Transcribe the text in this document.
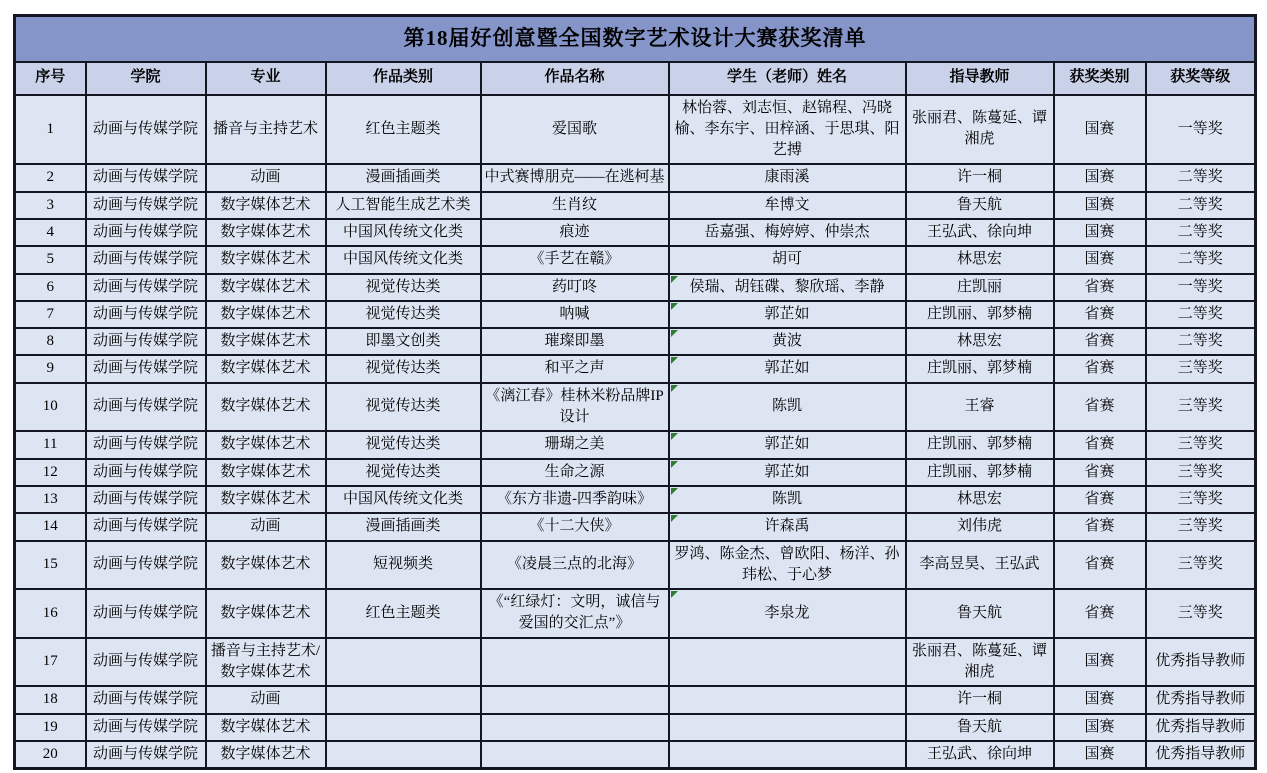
第18届好创意暨全国数字艺术设计大赛获奖清单								
序号	学院	专业	作品类别	作品名称	学生（老师）姓名	指导教师	获奖类别	获奖等级
1	动画与传媒学院	播音与主持艺术	红色主题类	爱国歌	林怡蓉、刘志恒、赵锦程、冯晓榆、李东宇、田梓涵、于思琪、阳艺搏	张丽君、陈蔓延、谭湘虎	国赛	一等奖
2	动画与传媒学院	动画	漫画插画类	中式赛博朋克——在逃柯基	康雨溪	许一桐	国赛	二等奖
3	动画与传媒学院	数字媒体艺术	人工智能生成艺术类	生肖纹	牟博文	鲁天航	国赛	二等奖
4	动画与传媒学院	数字媒体艺术	中国风传统文化类	痕迹	岳嘉强、梅婷婷、仲崇杰	王弘武、徐向坤	国赛	二等奖
5	动画与传媒学院	数字媒体艺术	中国风传统文化类	《手艺在赣》	胡可	林思宏	国赛	二等奖
6	动画与传媒学院	数字媒体艺术	视觉传达类	药叮咚	侯瑞、胡钰碟、黎欣瑶、李静	庄凯丽	省赛	一等奖
7	动画与传媒学院	数字媒体艺术	视觉传达类	呐喊	郭芷如	庄凯丽、郭梦楠	省赛	二等奖
8	动画与传媒学院	数字媒体艺术	即墨文创类	璀璨即墨	黄波	林思宏	省赛	二等奖
9	动画与传媒学院	数字媒体艺术	视觉传达类	和平之声	郭芷如	庄凯丽、郭梦楠	省赛	三等奖
10	动画与传媒学院	数字媒体艺术	视觉传达类	《漓江春》桂林米粉品牌IP设计	陈凯	王睿	省赛	三等奖
11	动画与传媒学院	数字媒体艺术	视觉传达类	珊瑚之美	郭芷如	庄凯丽、郭梦楠	省赛	三等奖
12	动画与传媒学院	数字媒体艺术	视觉传达类	生命之源	郭芷如	庄凯丽、郭梦楠	省赛	三等奖
13	动画与传媒学院	数字媒体艺术	中国风传统文化类	《东方非遗-四季韵味》	陈凯	林思宏	省赛	三等奖
14	动画与传媒学院	动画	漫画插画类	《十二大侠》	许森禹	刘伟虎	省赛	三等奖
15	动画与传媒学院	数字媒体艺术	短视频类	《凌晨三点的北海》	罗鸿、陈金杰、曾欧阳、杨洋、孙玮松、于心梦	李高昱昊、王弘武	省赛	三等奖
16	动画与传媒学院	数字媒体艺术	红色主题类	《“红绿灯：文明，诚信与爱国的交汇点”》	李泉龙	鲁天航	省赛	三等奖
17	动画与传媒学院	播音与主持艺术/数字媒体艺术				张丽君、陈蔓延、谭湘虎	国赛	优秀指导教师
18	动画与传媒学院	动画				许一桐	国赛	优秀指导教师
19	动画与传媒学院	数字媒体艺术				鲁天航	国赛	优秀指导教师
20	动画与传媒学院	数字媒体艺术				王弘武、徐向坤	国赛	优秀指导教师
